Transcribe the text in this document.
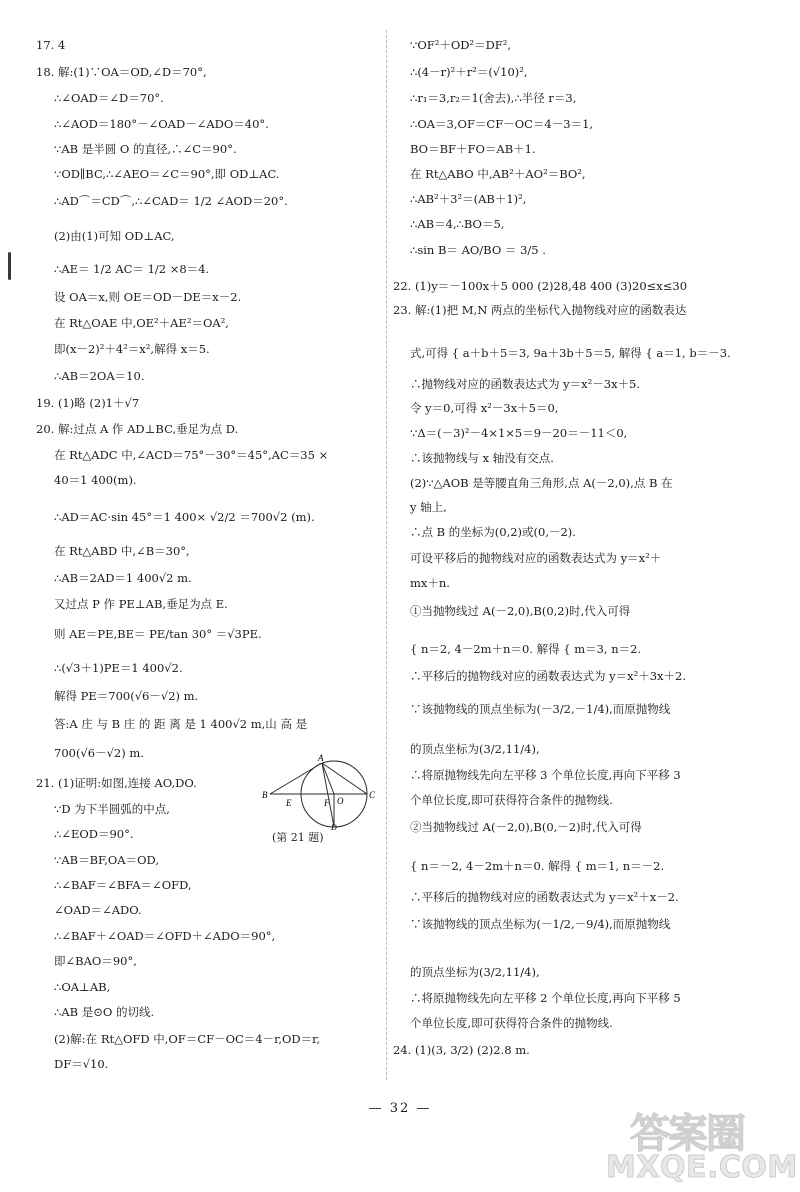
17. 4
18. 解:(1)∵OA＝OD,∠D＝70°,
∴∠OAD＝∠D＝70°.
∴∠AOD＝180°－∠OAD－∠ADO＝40°.
∵AB 是半圆 O 的直径,∴∠C＝90°.
∵OD∥BC,∴∠AEO＝∠C＝90°,即 OD⊥AC.
∴AD⌒＝CD⌒,∴∠CAD＝ 1/2 ∠AOD＝20°.
(2)由(1)可知 OD⊥AC,
∴AE＝ 1/2 AC＝ 1/2 ×8＝4.
设 OA＝x,则 OE＝OD－DE＝x－2.
在 Rt△OAE 中,OE²＋AE²＝OA²,
即(x－2)²＋4²＝x²,解得 x＝5.
∴AB＝2OA＝10.
19. (1)略 (2)1＋√7
20. 解:过点 A 作 AD⊥BC,垂足为点 D.
在 Rt△ADC 中,∠ACD＝75°－30°＝45°,AC＝35 ×
40＝1 400(m).
∴AD＝AC·sin 45°＝1 400× √2/2 ＝700√2 (m).
在 Rt△ABD 中,∠B＝30°,
∴AB＝2AD＝1 400√2 m.
又过点 P 作 PE⊥AB,垂足为点 E.
则 AE＝PE,BE＝ PE/tan 30° ＝√3PE.
∴(√3＋1)PE＝1 400√2.
解得 PE＝700(√6－√2) m.
答:A 庄 与 B 庄 的 距 离 是 1 400√2 m,山 高 是
700(√6－√2) m.
21. (1)证明:如图,连接 AO,DO.
∵D 为下半圆弧的中点,
∴∠EOD＝90°.
∵AB＝BF,OA＝OD,
∴∠BAF＝∠BFA＝∠OFD,
∠OAD＝∠ADO.
∴∠BAF＋∠OAD＝∠OFD＋∠ADO＝90°,
即∠BAO＝90°,
∴OA⊥AB,
∴AB 是⊙O 的切线.
(2)解:在 Rt△OFD 中,OF＝CF－OC＝4－r,OD＝r,
DF＝√10.
∵OF²＋OD²＝DF²,
∴(4－r)²＋r²＝(√10)²,
∴r₁＝3,r₂＝1(舍去),∴半径 r＝3,
∴OA＝3,OF＝CF－OC＝4－3＝1,
BO＝BF＋FO＝AB＋1.
在 Rt△ABO 中,AB²＋AO²＝BO²,
∴AB²＋3²＝(AB＋1)²,
∴AB＝4,∴BO＝5,
∴sin B＝ AO/BO ＝ 3/5 .
22. (1)y＝－100x＋5 000 (2)28,48 400 (3)20≤x≤30
23. 解:(1)把 M,N 两点的坐标代入抛物线对应的函数表达
式,可得 { a＋b＋5＝3, 9a＋3b＋5＝5, 解得 { a＝1, b＝－3.
∴抛物线对应的函数表达式为 y＝x²－3x＋5.
令 y＝0,可得 x²－3x＋5＝0,
∵Δ＝(－3)²－4×1×5＝9－20＝－11＜0,
∴该抛物线与 x 轴没有交点.
(2)∵△AOB 是等腰直角三角形,点 A(－2,0),点 B 在
y 轴上,
∴点 B 的坐标为(0,2)或(0,－2).
可设平移后的抛物线对应的函数表达式为 y＝x²＋
mx＋n.
①当抛物线过 A(－2,0),B(0,2)时,代入可得
{ n＝2, 4－2m＋n＝0. 解得 { m＝3, n＝2.
∴平移后的抛物线对应的函数表达式为 y＝x²＋3x＋2.
∵该抛物线的顶点坐标为(－3/2,－1/4),而原抛物线
的顶点坐标为(3/2,11/4),
∴将原抛物线先向左平移 3 个单位长度,再向下平移 3
个单位长度,即可获得符合条件的抛物线.
②当抛物线过 A(－2,0),B(0,－2)时,代入可得
{ n＝－2, 4－2m＋n＝0. 解得 { m＝1, n＝－2.
∴平移后的抛物线对应的函数表达式为 y＝x²＋x－2.
∵该抛物线的顶点坐标为(－1/2,－9/4),而原抛物线
的顶点坐标为(3/2,11/4),
∴将原抛物线先向左平移 2 个单位长度,再向下平移 5
个单位长度,即可获得符合条件的抛物线.
24. (1)(3, 3/2) (2)2.8 m.
A
B	C
E	F O
D
(第 21 题)
— 32 —
答案圈
MXQE.COM
